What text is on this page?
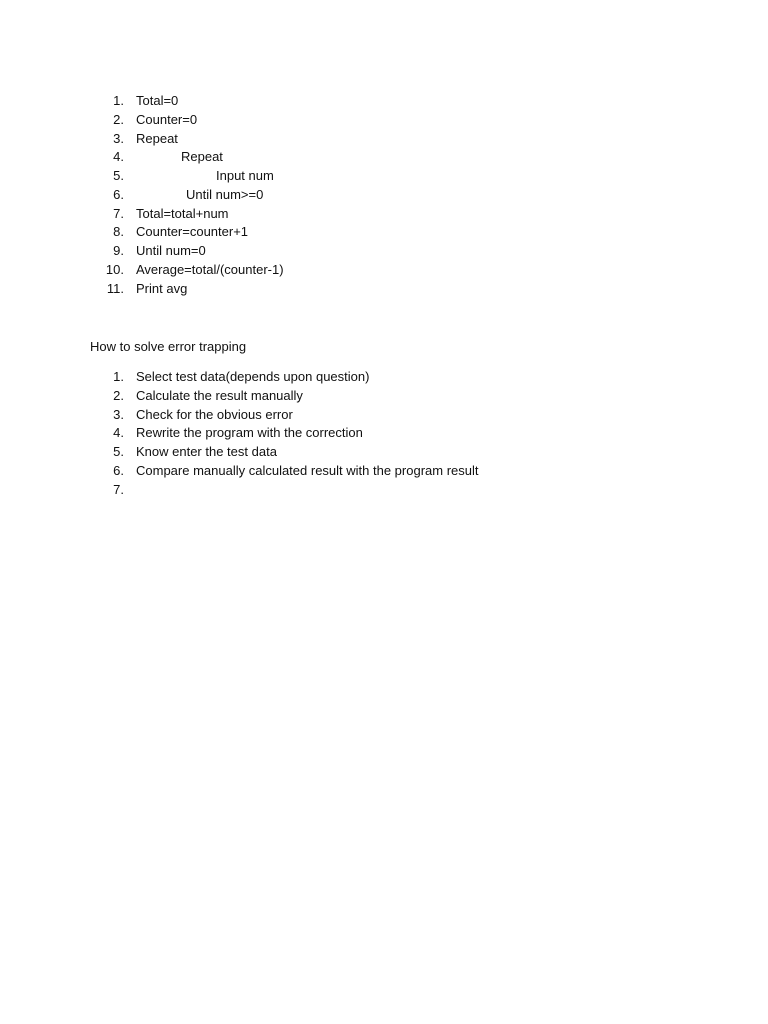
1. Total=0
2. Counter=0
3. Repeat
4.	Repeat
5.	Input num
6.	Until num>=0
7. Total=total+num
8. Counter=counter+1
9. Until num=0
10. Average=total/(counter-1)
11. Print avg
How to solve error trapping
1. Select test data(depends upon question)
2. Calculate the result manually
3. Check for the obvious error
4. Rewrite the program with the correction
5. Know enter the test data
6. Compare manually calculated result with the program result
7.
